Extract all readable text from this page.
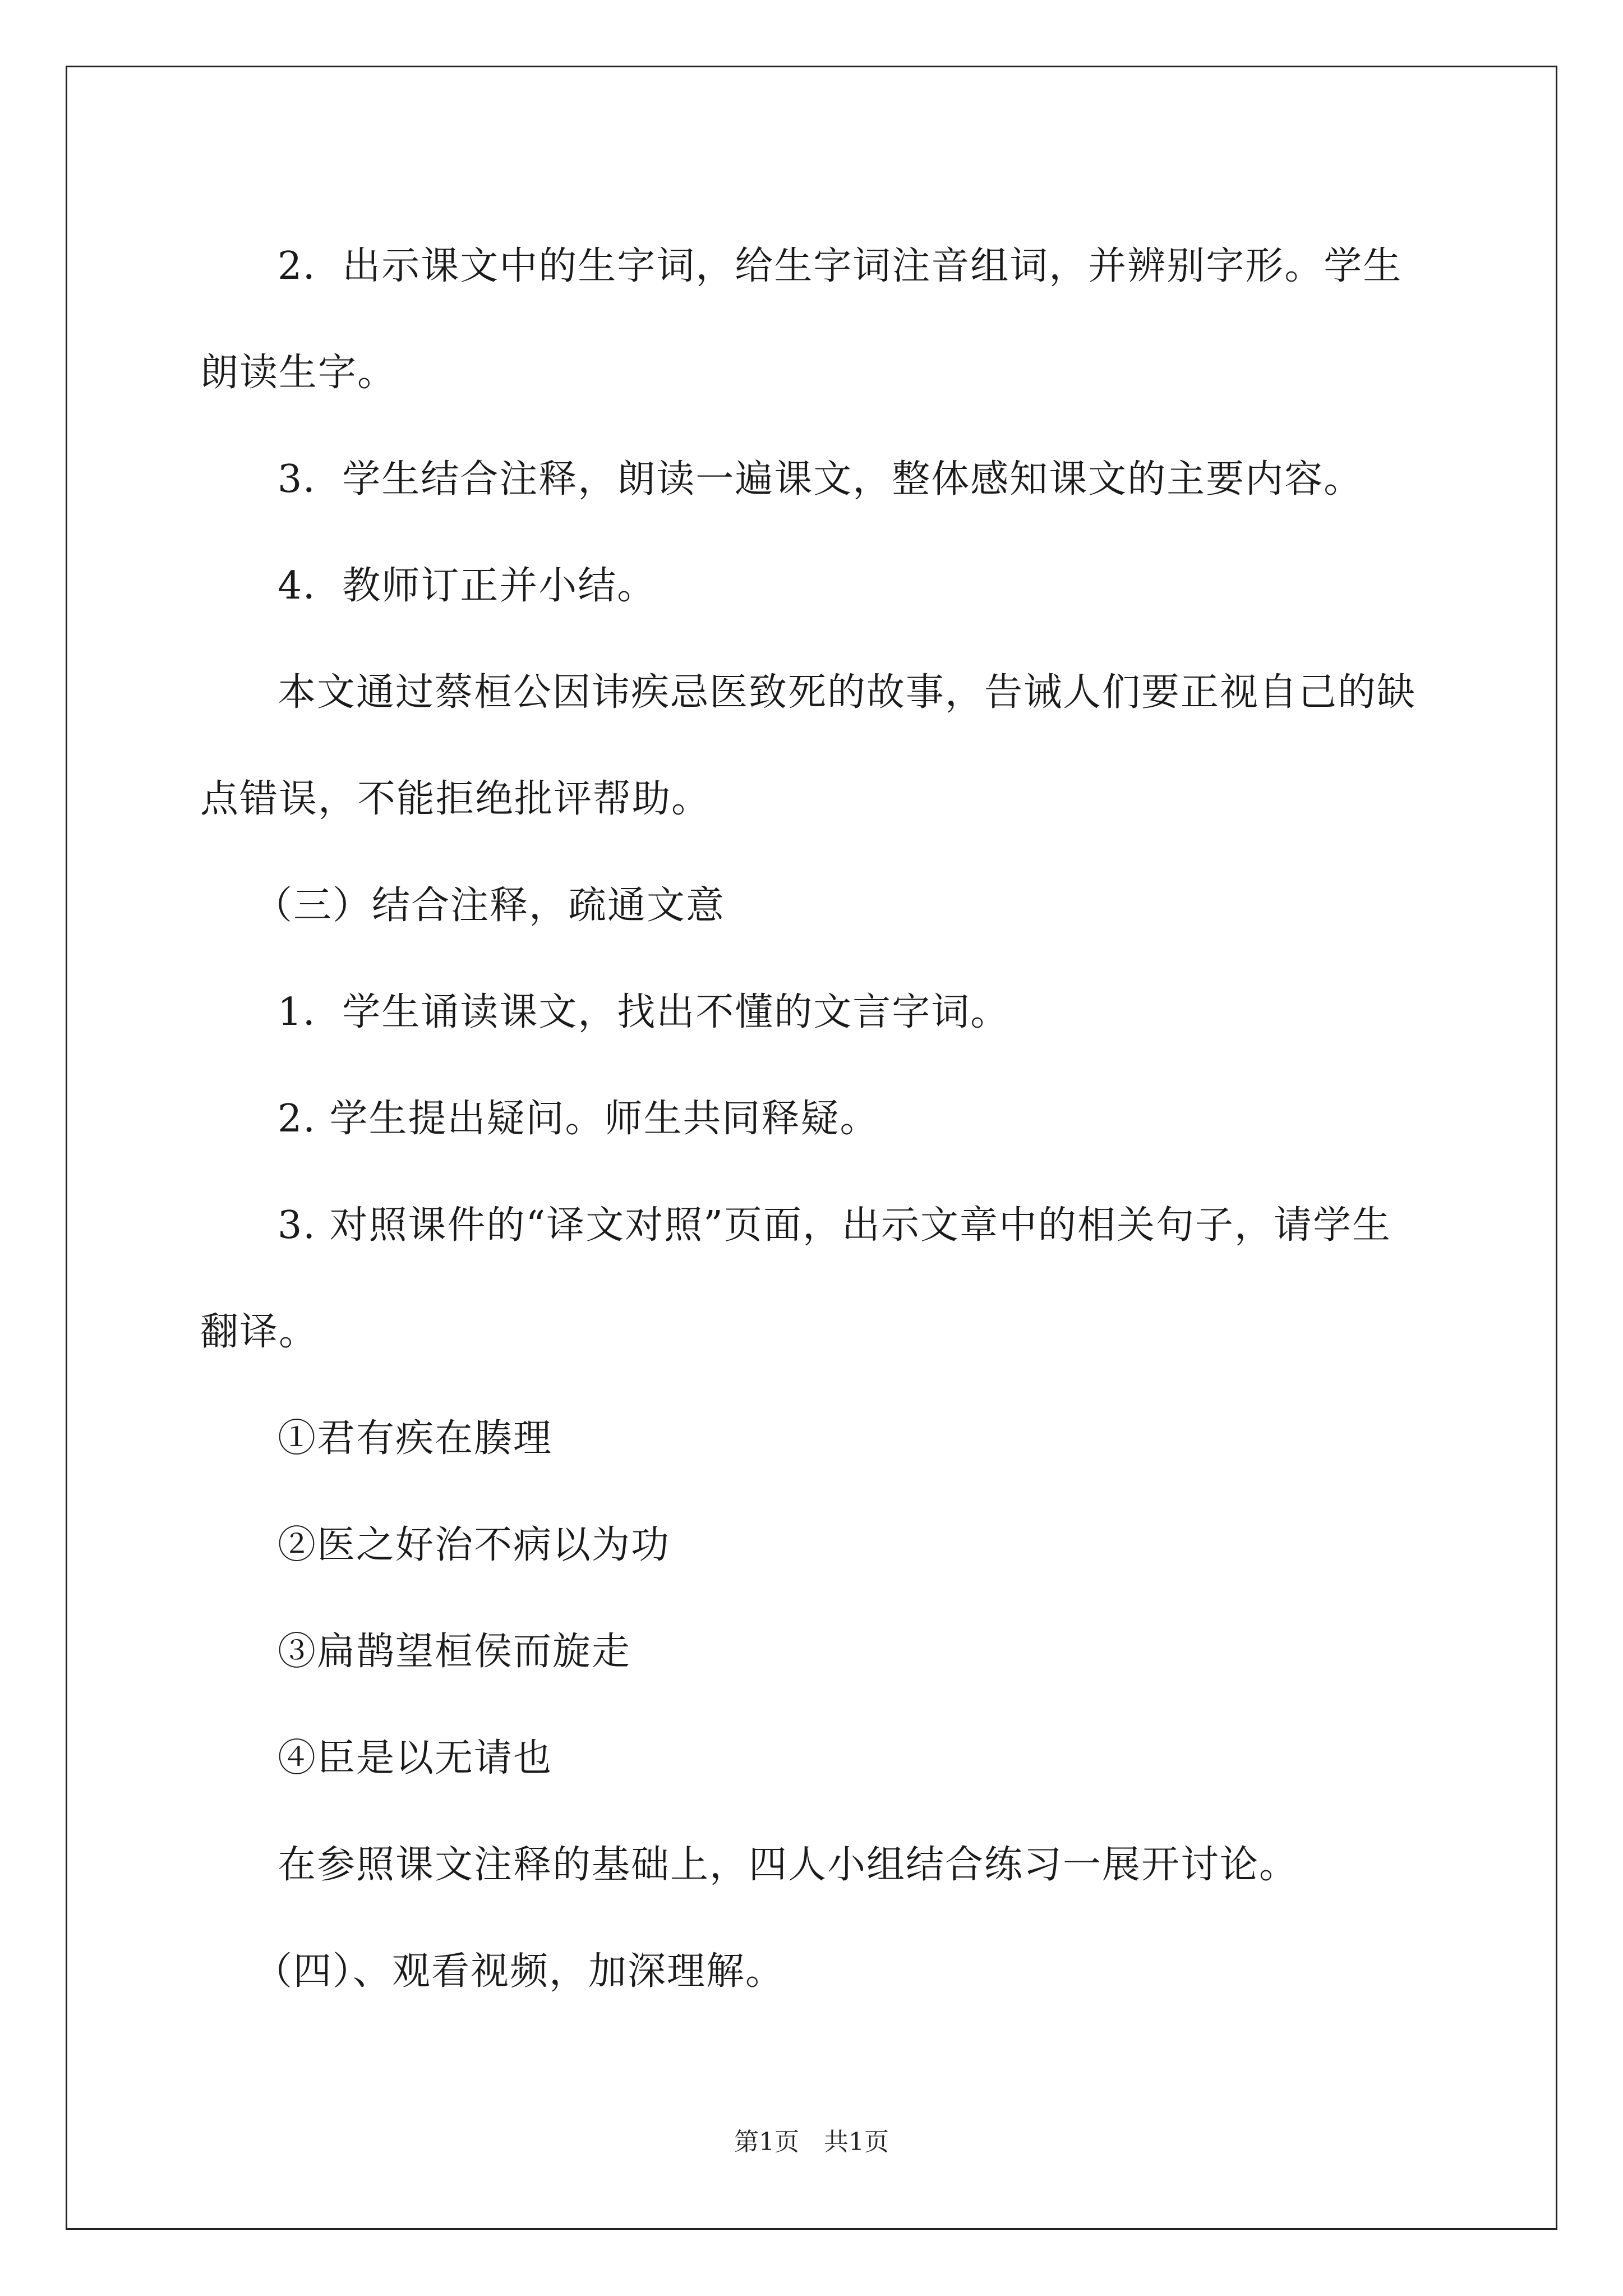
2．出示课文中的生字词，给生字词注音组词，并辨别字形。学生朗读生字。

3．学生结合注释，朗读一遍课文，整体感知课文的主要内容。

4．教师订正并小结。

本文通过蔡桓公因讳疾忌医致死的故事，告诫人们要正视自己的缺点错误，不能拒绝批评帮助。

（三）结合注释，疏通文意

1．学生诵读课文，找出不懂的文言字词。

2. 学生提出疑问。师生共同释疑。

3. 对照课件的“译文对照”页面，出示文章中的相关句子，请学生翻译。

①君有疾在腠理

②医之好治不病以为功

③扁鹊望桓侯而旋走

④臣是以无请也

在参照课文注释的基础上，四人小组结合练习一展开讨论。

（四）、观看视频，加深理解。

第1页　共1页
